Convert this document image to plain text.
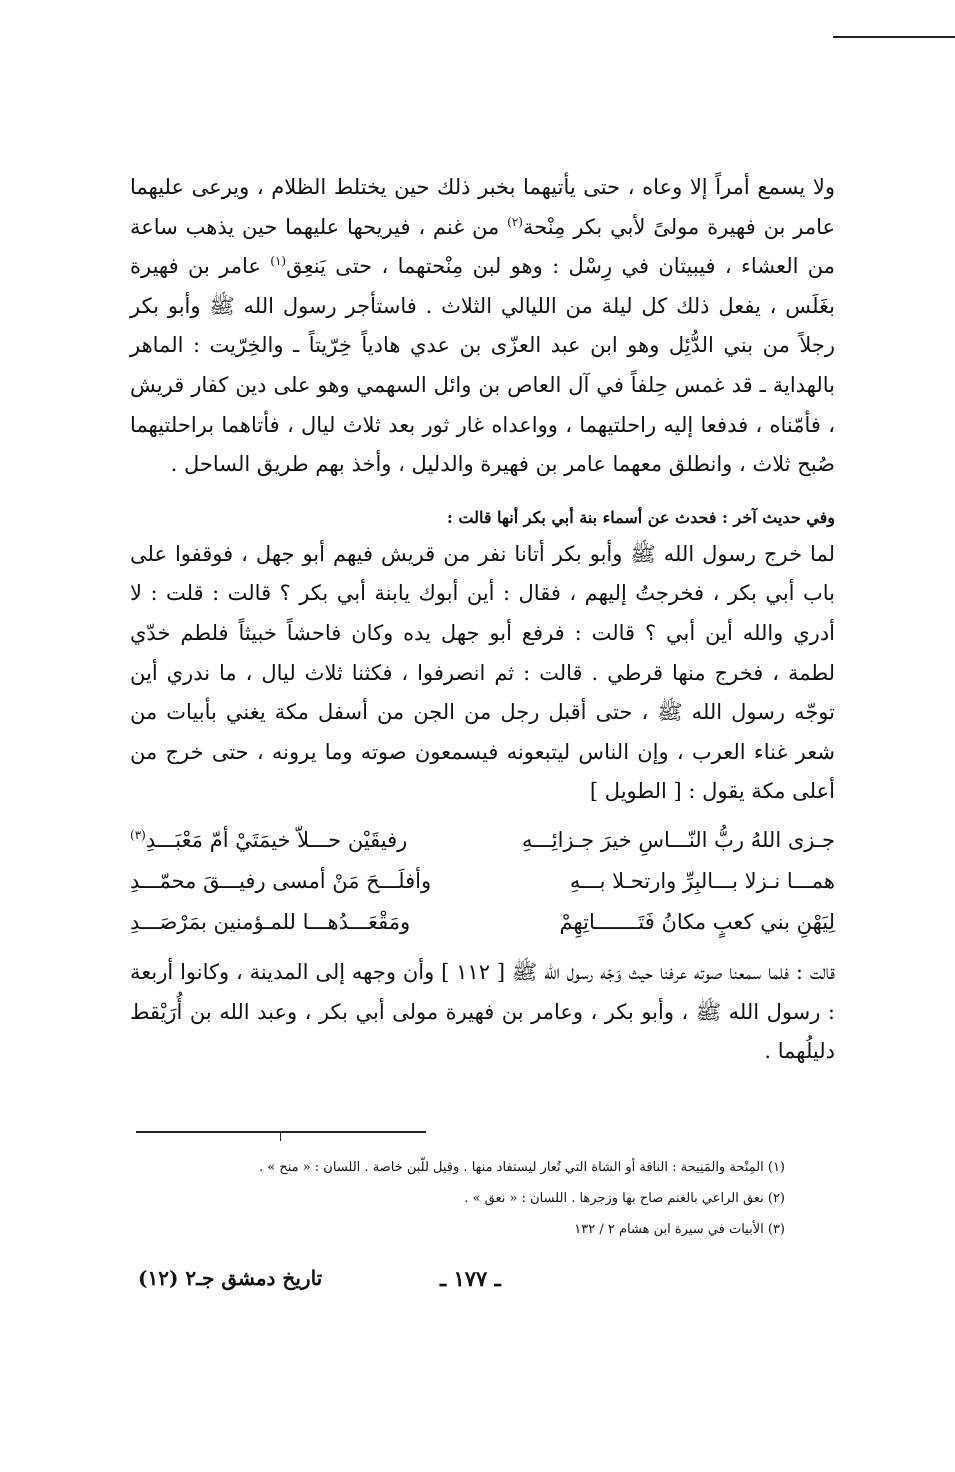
ولا يسمع أمراً إلا وعاه ، حتى يأتيهما بخبر ذلك حين يختلط الظلام ، ويرعى عليهما عامر بن فهيرة مولىً لأبي بكر مِنْحة$^{(٢)}$ من غنم ، فيريحها عليهما حين يذهب ساعة من العشاء ، فيبيتان في رِسْل : وهو لبن مِنْحتهما ، حتى يَنعِق$^{(١)}$ عامر بن فهيرة بغَلَس ، يفعل ذلك كل ليلة من الليالي الثلاث . فاستأجر رسول الله ﷺ وأبو بكر رجلاً من بني الدُّئِل وهو ابن عبد العزّى بن عدي هادياً خِرّيتاً ـ والخِرّيت : الماهر بالهداية ـ قد غمس حِلفاً في آل العاص بن وائل السهمي وهو على دين كفار قريش ، فأمّناه ، فدفعا إليه راحلتيهما ، وواعداه غار ثور بعد ثلاث ليال ، فأتاهما براحلتيهما صُبح ثلاث ، وانطلق معهما عامر بن فهيرة والدليل ، وأخذ بهم طريق الساحل .

وفي حديث آخر : فحدث عن أسماء بنة أبي بكر أنها قالت :

لما خرج رسول الله ﷺ وأبو بكر أتانا نفر من قريش فيهم أبو جهل ، فوقفوا على باب أبي بكر ، فخرجتُ إليهم ، فقال : أين أبوك يابنة أبي بكر ؟ قالت : قلت : لا أدري والله أين أبي ؟ قالت : فرفع أبو جهل يده وكان فاحشاً خبيثاً فلطم خدّي لطمة ، فخرج منها قرطي . قالت : ثم انصرفوا ، فكثنا ثلاث ليال ، ما ندري أين توجّه رسول الله ﷺ ، حتى أقبل رجل من الجن من أسفل مكة يغني بأبيات من شعر غناء العرب ، وإن الناس ليتبعونه فيسمعون صوته وما يرونه ، حتى خرج من أعلى مكة يقول : [ الطويل ]

جـزى اللهُ ربُّ النّـــاسِ خيرَ جـزائِـــهِ
رفيقَيْن حـــلاّ خيمَتَيْ أمّ مَعْبَـــدِ$^{(٣)}$
همـــا نـزلا بـــالبِرِّ وارتحـلا بـــهِ
وأفلَـــحَ مَنْ أمسى رفيـــقَ محمّـــدِ
لِيَهْنِ بني كعبٍ مكانُ فَتَـــــــاتِهِمْ
ومَقْعَـــدُهـــا للمـؤمنين بمَرْصَـــدِ

قالت : فلما سمعنا صوته عرفنا حيث وَجّه رسول الله ﷺ [ ١١٢ ] وأن وجهه إلى المدينة ، وكانوا أربعة : رسول الله ﷺ ، وأبو بكر ، وعامر بن فهيرة مولى أبي بكر ، وعبد الله بن أُرَيْقط دليلُهما .

(١) المِنْحة والمَنِيحة : الناقة أو الشاة التي تُعار ليستفاد منها . وقيل للّبن خاصة . اللسان : « منح » .

(٢) نعق الراعي بالغنم صاح بها وزجرها . اللسان : « نعق » .

(٣) الأبيات في سيرة ابن هشام ٢ / ١٣٢

تاريخ دمشق جـ٢ (١٢)	ـ ١٧٧ ـ
